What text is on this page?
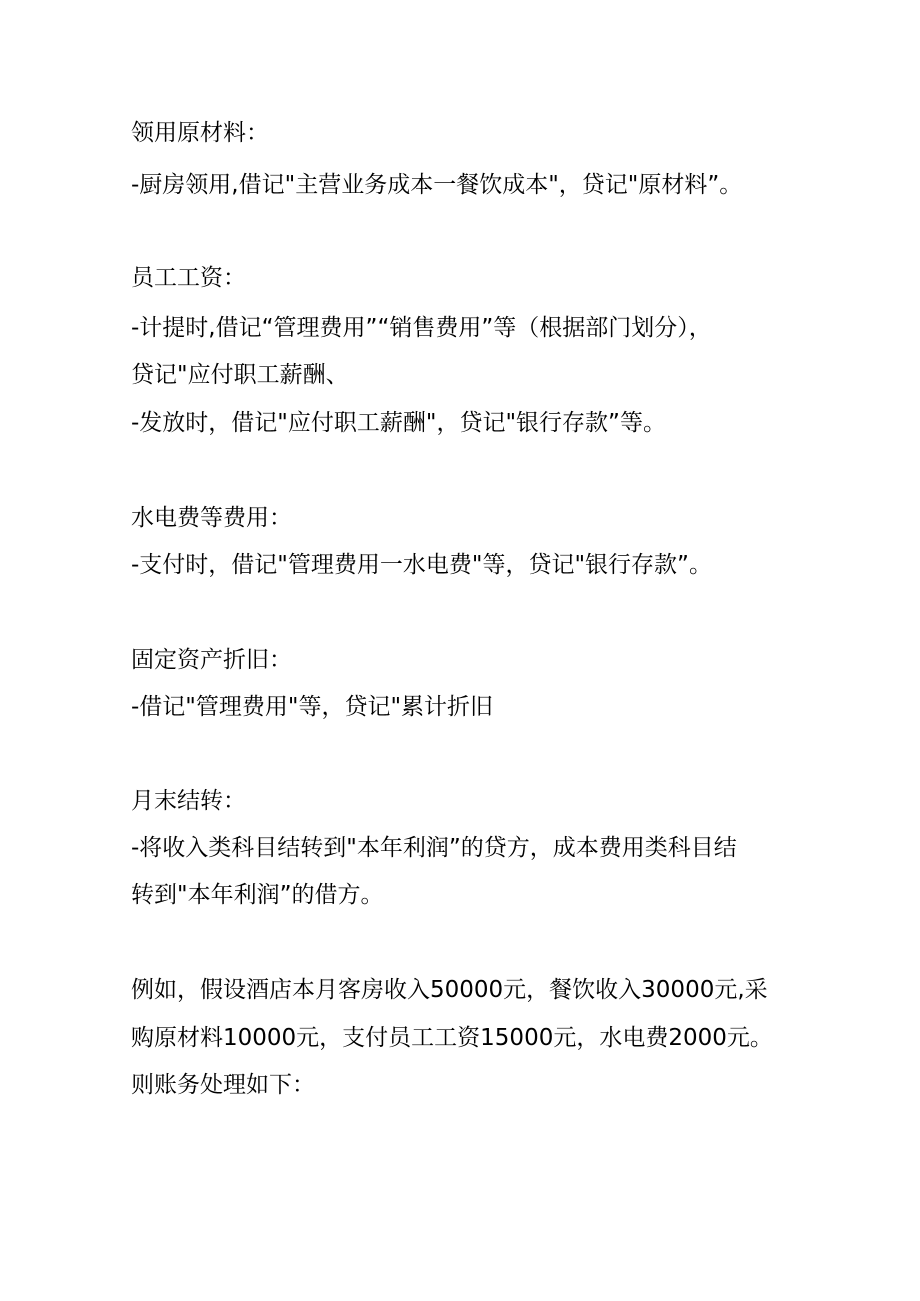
领用原材料：
-厨房领用,借记"主营业务成本一餐饮成本"，贷记"原材料”。
员工工资：
-计提时,借记“管理费用”“销售费用”等（根据部门划分），
贷记"应付职工薪酬、
-发放时，借记"应付职工薪酬"，贷记"银行存款”等。
水电费等费用：
-支付时，借记"管理费用一水电费"等，贷记"银行存款”。
固定资产折旧：
-借记"管理费用"等，贷记"累计折旧
月末结转：
-将收入类科目结转到"本年利润”的贷方，成本费用类科目结
转到"本年利润”的借方。
例如，假设酒店本月客房收入50000元，餐饮收入30000元,采
购原材料10000元，支付员工工资15000元，水电费2000元。
则账务处理如下：
